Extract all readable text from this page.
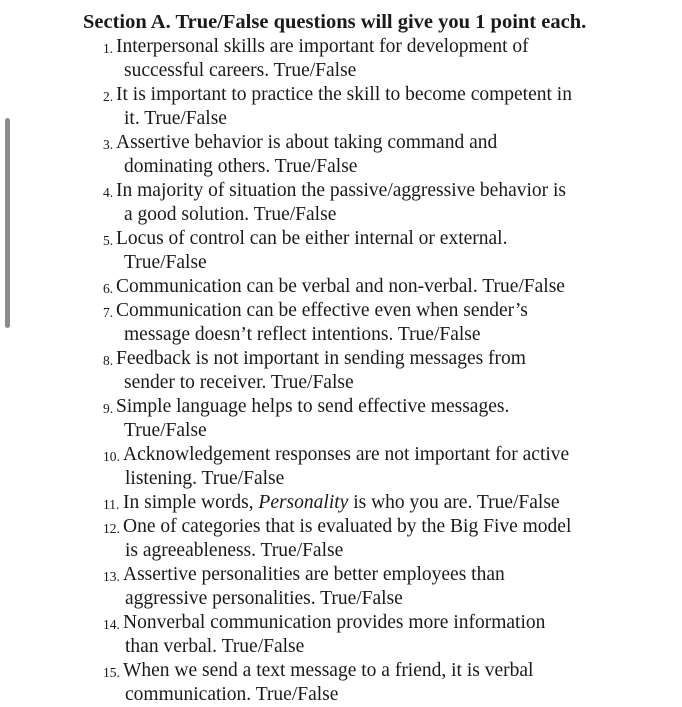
Section A. True/False questions will give you 1 point each.
1. Interpersonal skills are important for development of
successful careers. True/False
2. It is important to practice the skill to become competent in
it. True/False
3. Assertive behavior is about taking command and
dominating others. True/False
4. In majority of situation the passive/aggressive behavior is
a good solution. True/False
5. Locus of control can be either internal or external.
True/False
6. Communication can be verbal and non-verbal. True/False
7. Communication can be effective even when sender’s
message doesn’t reflect intentions. True/False
8. Feedback is not important in sending messages from
sender to receiver. True/False
9. Simple language helps to send effective messages.
True/False
10. Acknowledgement responses are not important for active
listening. True/False
11. In simple words, Personality is who you are. True/False
12. One of categories that is evaluated by the Big Five model
is agreeableness. True/False
13. Assertive personalities are better employees than
aggressive personalities. True/False
14. Nonverbal communication provides more information
than verbal. True/False
15. When we send a text message to a friend, it is verbal
communication. True/False
